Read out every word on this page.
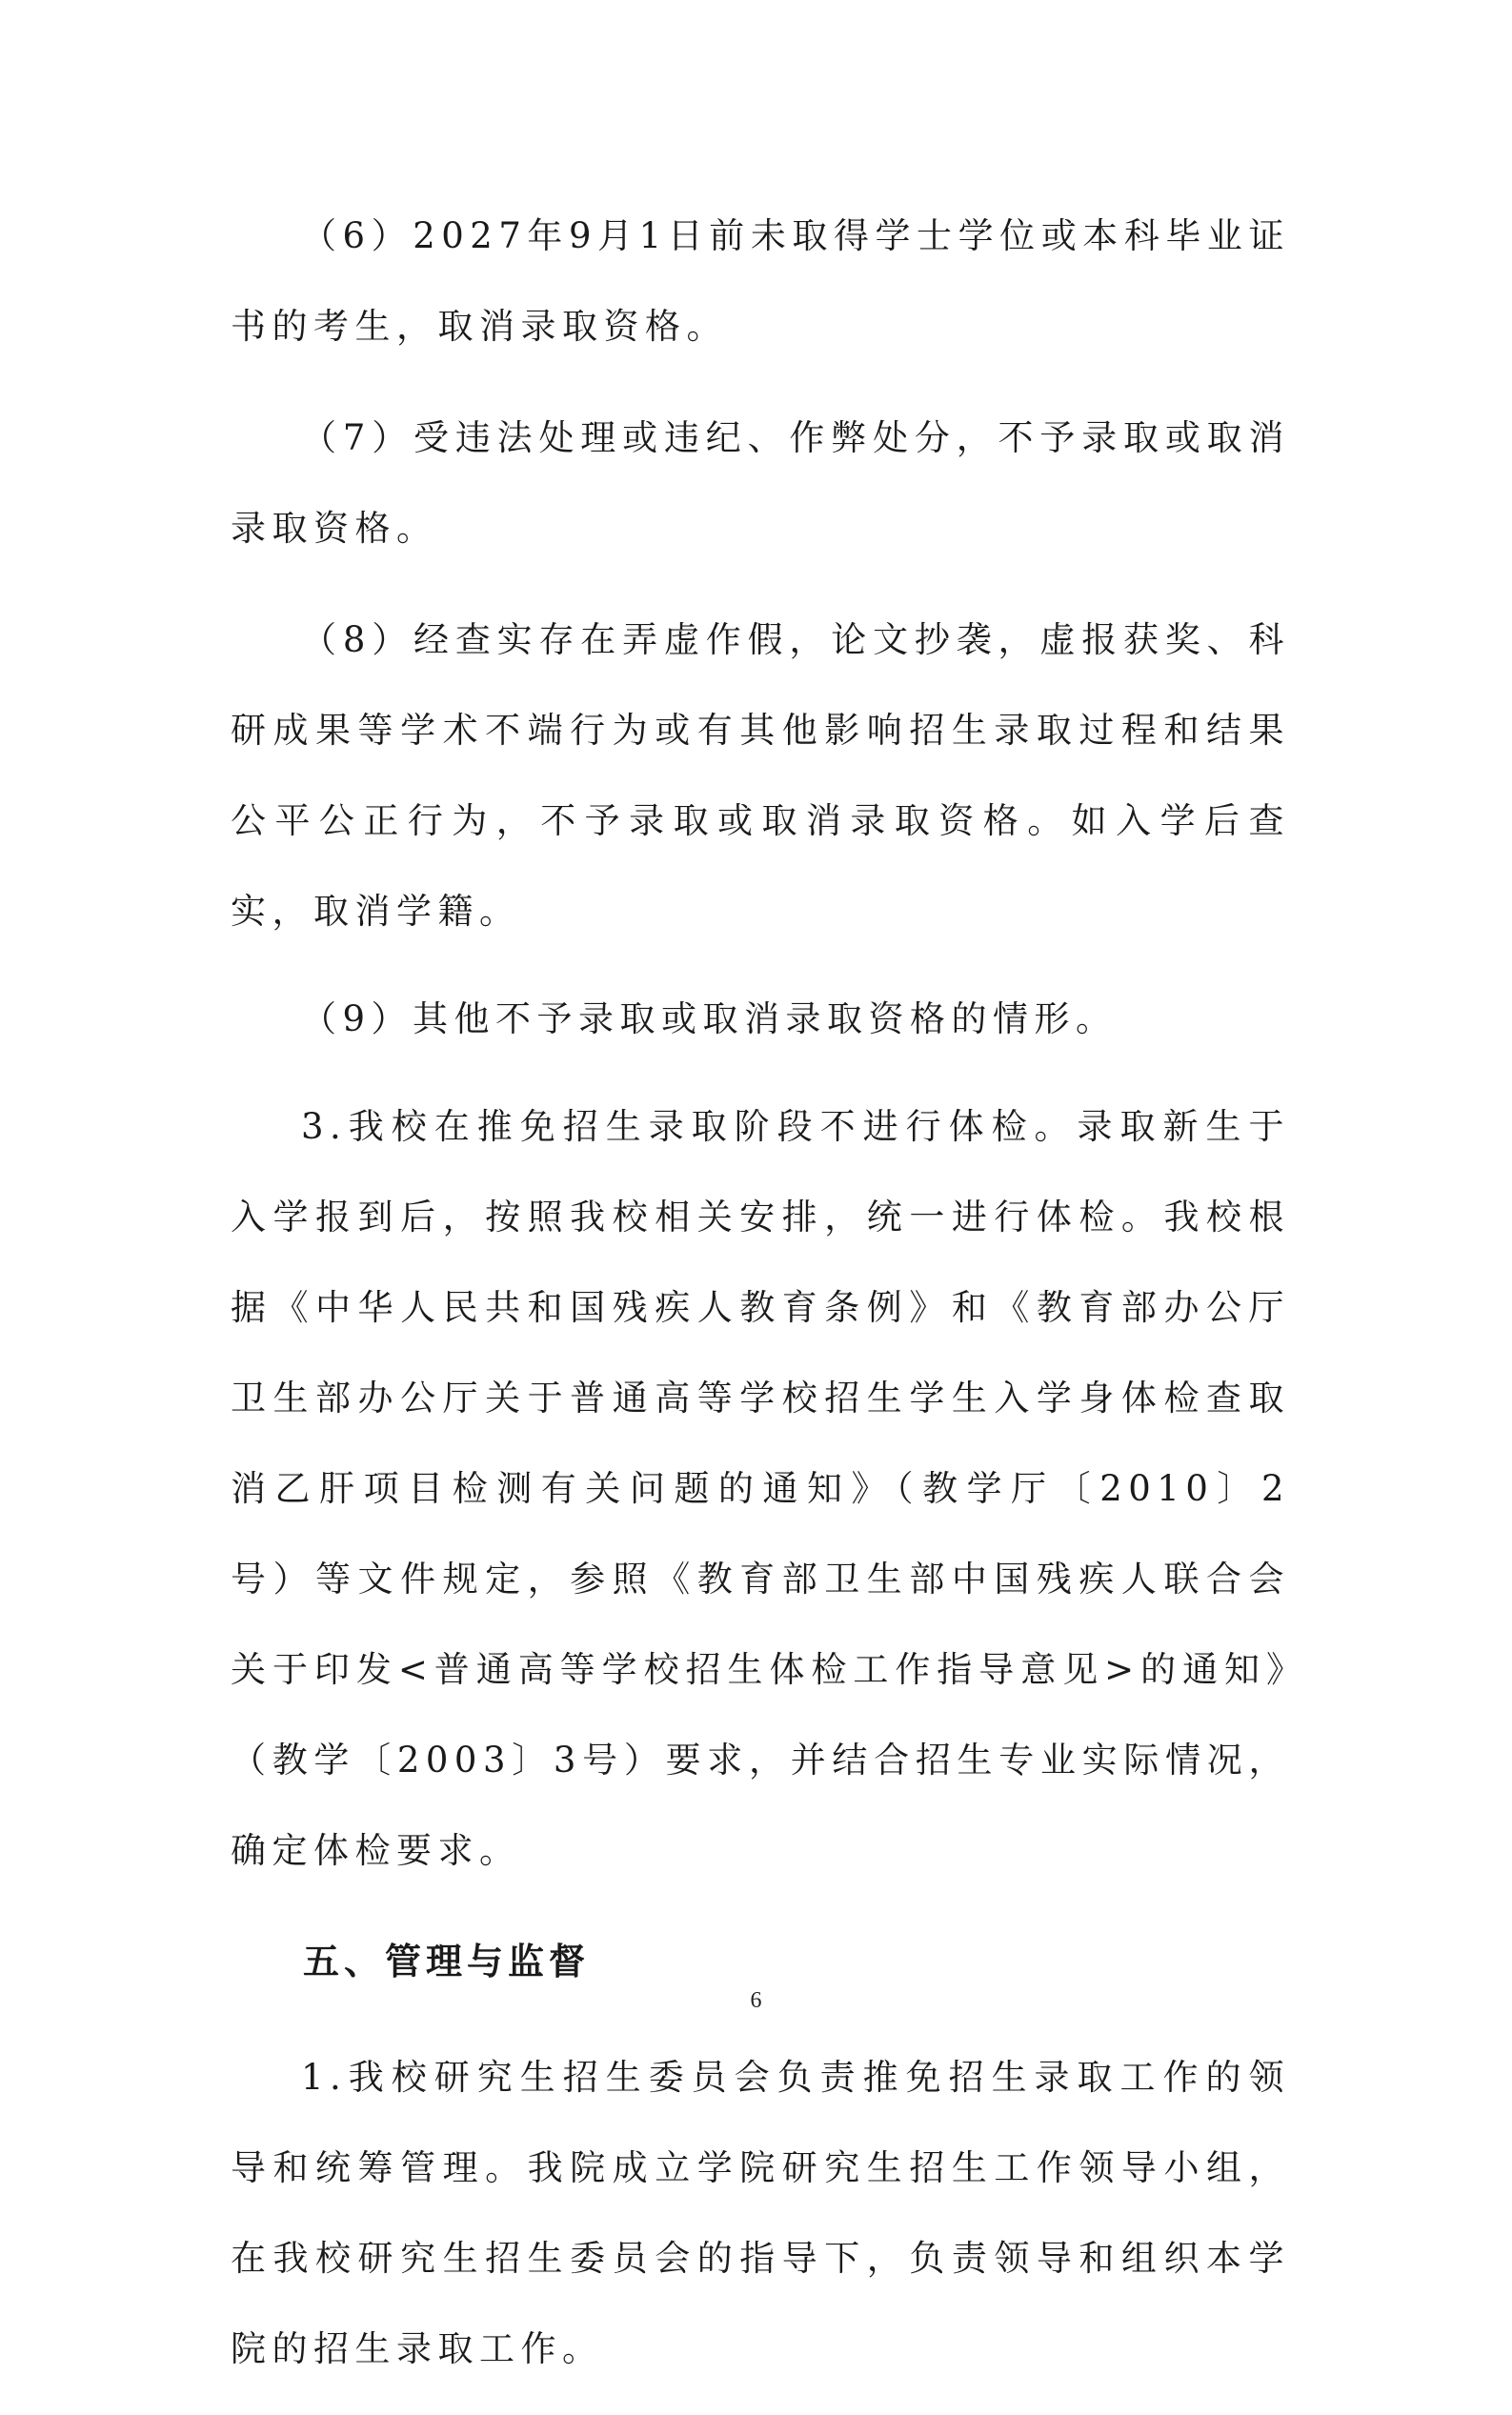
（6）2027年9月1日前未取得学士学位或本科毕业证书的考生，取消录取资格。

（7）受违法处理或违纪、作弊处分，不予录取或取消录取资格。

（8）经查实存在弄虚作假，论文抄袭，虚报获奖、科研成果等学术不端行为或有其他影响招生录取过程和结果公平公正行为，不予录取或取消录取资格。如入学后查实，取消学籍。

（9）其他不予录取或取消录取资格的情形。

3.我校在推免招生录取阶段不进行体检。录取新生于入学报到后，按照我校相关安排，统一进行体检。我校根据《中华人民共和国残疾人教育条例》和《教育部办公厅卫生部办公厅关于普通高等学校招生学生入学身体检查取消乙肝项目检测有关问题的通知》（教学厅〔2010〕2号）等文件规定，参照《教育部卫生部中国残疾人联合会关于印发<普通高等学校招生体检工作指导意见>的通知》（教学〔2003〕3号）要求，并结合招生专业实际情况，确定体检要求。

五、管理与监督

1.我校研究生招生委员会负责推免招生录取工作的领导和统筹管理。我院成立学院研究生招生工作领导小组，在我校研究生招生委员会的指导下，负责领导和组织本学院的招生录取工作。

6
